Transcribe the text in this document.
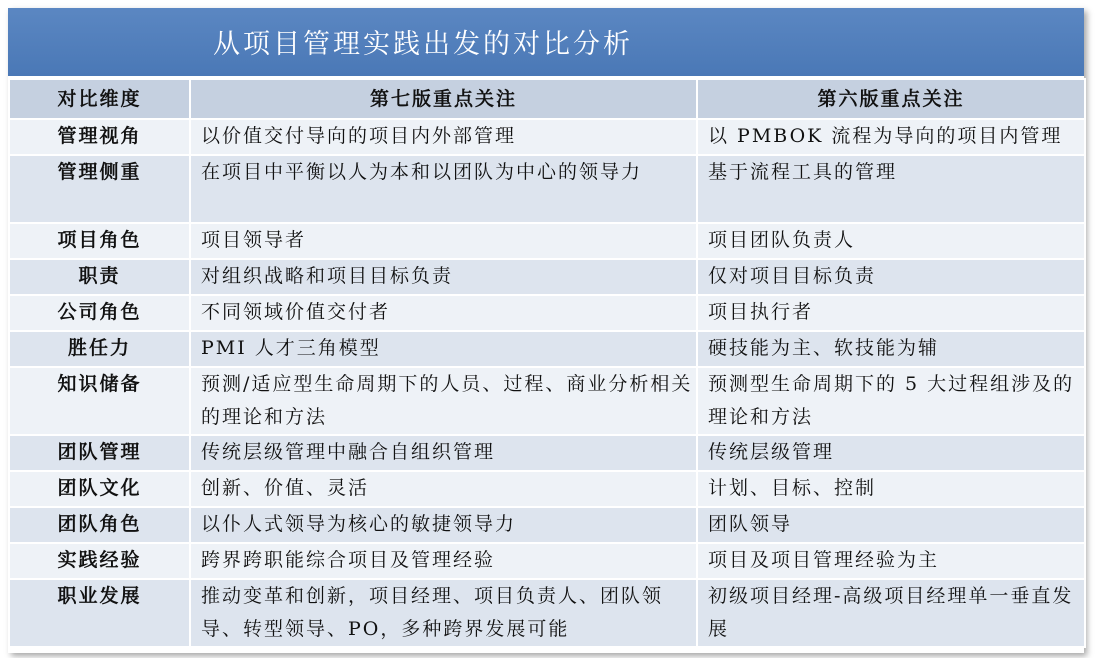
从项目管理实践出发的对比分析
对比维度	第七版重点关注	第六版重点关注
管理视角	以价值交付导向的项目内外部管理	以 PMBOK 流程为导向的项目内管理
管理侧重	在项目中平衡以人为本和以团队为中心的领导力	基于流程工具的管理
项目角色	项目领导者	项目团队负责人
职责	对组织战略和项目目标负责	仅对项目目标负责
公司角色	不同领域价值交付者	项目执行者
胜任力	PMI 人才三角模型	硬技能为主、软技能为辅
知识储备	预测/适应型生命周期下的人员、过程、商业分析相关的理论和方法	预测型生命周期下的 5 大过程组涉及的理论和方法
团队管理	传统层级管理中融合自组织管理	传统层级管理
团队文化	创新、价值、灵活	计划、目标、控制
团队角色	以仆人式领导为核心的敏捷领导力	团队领导
实践经验	跨界跨职能综合项目及管理经验	项目及项目管理经验为主
职业发展	推动变革和创新，项目经理、项目负责人、团队领导、转型领导、PO，多种跨界发展可能	初级项目经理-高级项目经理单一垂直发展
